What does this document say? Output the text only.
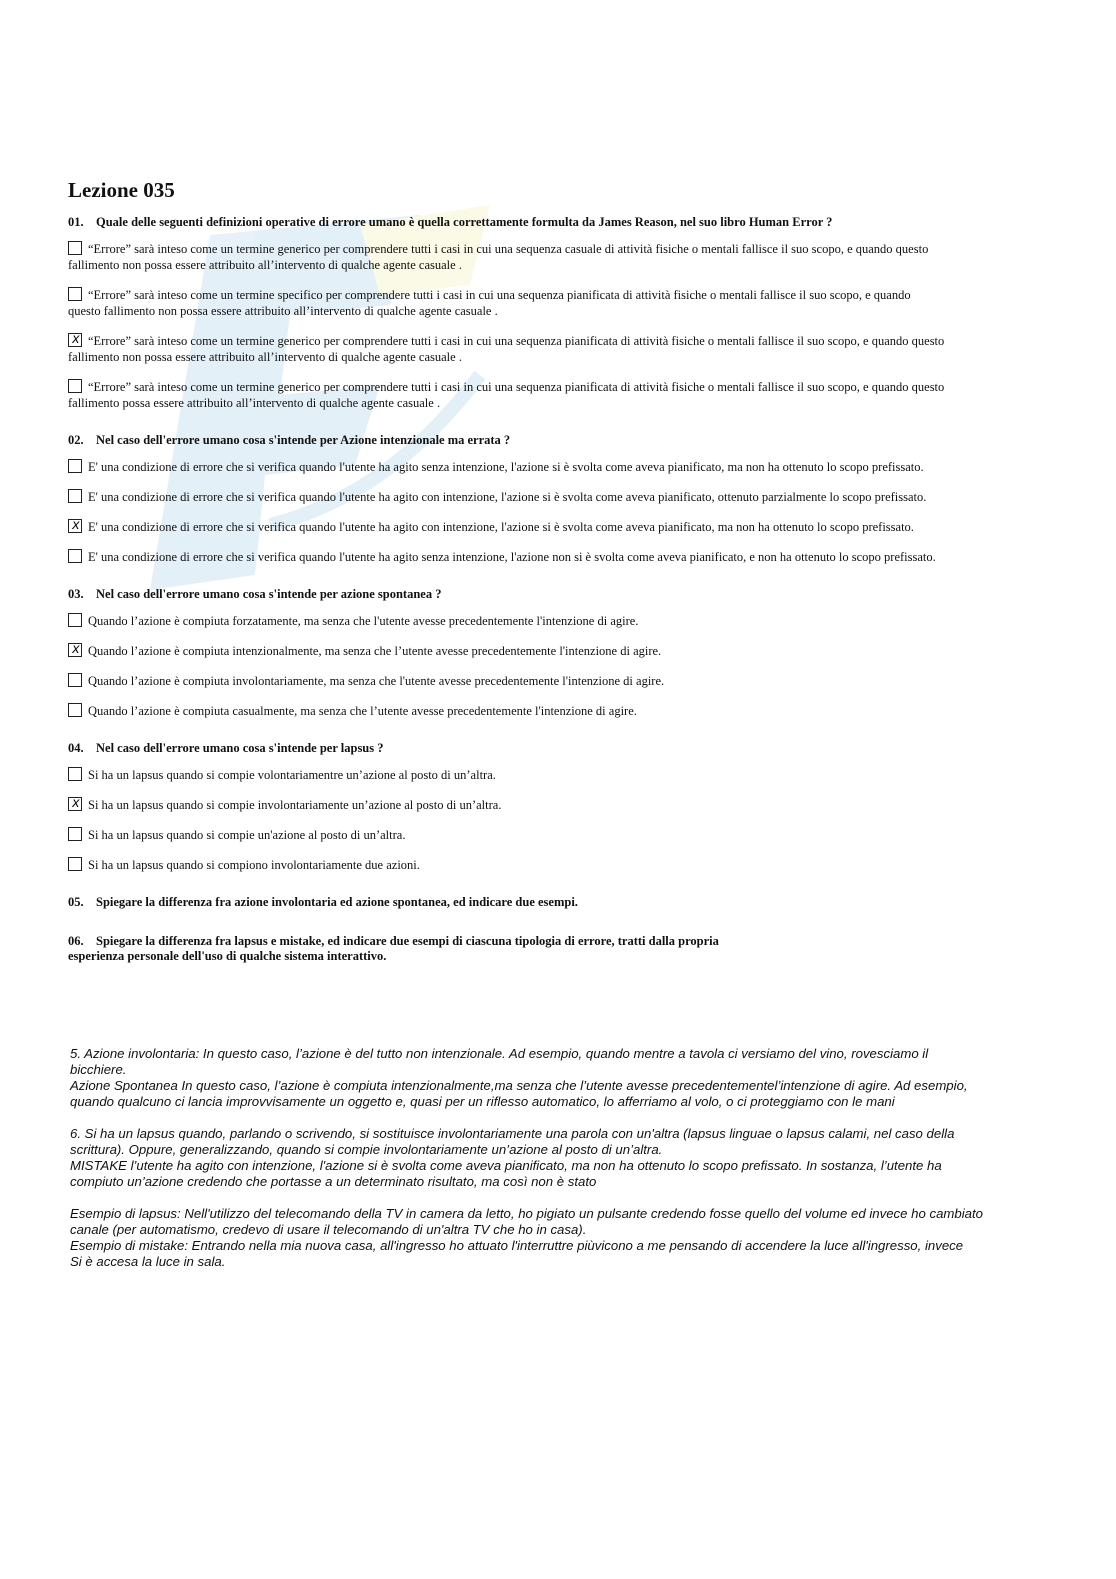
Lezione 035
01. Quale delle seguenti definizioni operative di errore umano è quella correttamente formulta da James Reason, nel suo libro Human Error ?
“Errore” sarà inteso come un termine generico per comprendere tutti i casi in cui una sequenza casuale di attività fisiche o mentali fallisce il suo scopo, e quando questo

fallimento non possa essere attribuito all’intervento di qualche agente casuale .
“Errore” sarà inteso come un termine specifico per comprendere tutti i casi in cui una sequenza pianificata di attività fisiche o mentali fallisce il suo scopo, e quando

questo fallimento non possa essere attribuito all’intervento di qualche agente casuale .
x “Errore” sarà inteso come un termine generico per comprendere tutti i casi in cui una sequenza pianificata di attività fisiche o mentali fallisce il suo scopo, e quando questo

fallimento non possa essere attribuito all’intervento di qualche agente casuale .
“Errore” sarà inteso come un termine generico per comprendere tutti i casi in cui una sequenza pianificata di attività fisiche o mentali fallisce il suo scopo, e quando questo

fallimento possa essere attribuito all’intervento di qualche agente casuale .
02. Nel caso dell'errore umano cosa s'intende per Azione intenzionale ma errata ?
E' una condizione di errore che si verifica quando l'utente ha agito senza intenzione, l'azione si è svolta come aveva pianificato, ma non ha ottenuto lo scopo prefissato.
E' una condizione di errore che si verifica quando l'utente ha agito con intenzione, l'azione si è svolta come aveva pianificato, ottenuto parzialmente lo scopo prefissato.
x E' una condizione di errore che si verifica quando l'utente ha agito con intenzione, l'azione si è svolta come aveva pianificato, ma non ha ottenuto lo scopo prefissato.
E' una condizione di errore che si verifica quando l'utente ha agito senza intenzione, l'azione non si è svolta come aveva pianificato, e non ha ottenuto lo scopo prefissato.
03. Nel caso dell'errore umano cosa s'intende per azione spontanea ?
Quando l’azione è compiuta forzatamente, ma senza che l'utente avesse precedentemente l'intenzione di agire.
x Quando l’azione è compiuta intenzionalmente, ma senza che l’utente avesse precedentemente l'intenzione di agire.
Quando l’azione è compiuta involontariamente, ma senza che l'utente avesse precedentemente l'intenzione di agire.
Quando l’azione è compiuta casualmente, ma senza che l’utente avesse precedentemente l'intenzione di agire.
04. Nel caso dell'errore umano cosa s'intende per lapsus ?
Si ha un lapsus quando si compie volontariamentre un’azione al posto di un’altra.
x Si ha un lapsus quando si compie involontariamente un’azione al posto di un’altra.
Si ha un lapsus quando si compie un'azione al posto di un’altra.
Si ha un lapsus quando si compiono involontariamente due azioni.
05. Spiegare la differenza fra azione involontaria ed azione spontanea, ed indicare due esempi.
06. Spiegare la differenza fra lapsus e mistake, ed indicare due esempi di ciascuna tipologia di errore, tratti dalla propria
esperienza personale dell'uso di qualche sistema interattivo.

5. Azione involontaria: In questo caso, l’azione è del tutto non intenzionale. Ad esempio, quando mentre a tavola ci versiamo del vino, rovesciamo il

bicchiere.

Azione Spontanea In questo caso, l’azione è compiuta intenzionalmente,ma senza che l’utente avesse precedentementel’intenzione di agire. Ad esempio,

quando qualcuno ci lancia improvvisamente un oggetto e, quasi per un riflesso automatico, lo afferriamo al volo, o ci proteggiamo con le mani

6. Si ha un lapsus quando, parlando o scrivendo, si sostituisce involontariamente una parola con un'altra (lapsus linguae o lapsus calami, nel caso della

scrittura). Oppure, generalizzando, quando si compie involontariamente un’azione al posto di un’altra.

MISTAKE l’utente ha agito con intenzione, l'azione si è svolta come aveva pianificato, ma non ha ottenuto lo scopo prefissato. In sostanza, l’utente ha

compiuto un’azione credendo che portasse a un determinato risultato, ma così non è stato

Esempio di lapsus: Nell'utilizzo del telecomando della TV in camera da letto, ho pigiato un pulsante credendo fosse quello del volume ed invece ho cambiato

canale (per automatismo, credevo di usare il telecomando di un'altra TV che ho in casa).

Esempio di mistake: Entrando nella mia nuova casa, all'ingresso ho attuato l'interruttre piùvicono a me pensando di accendere la luce all'ingresso, invece

Si è accesa la luce in sala.
